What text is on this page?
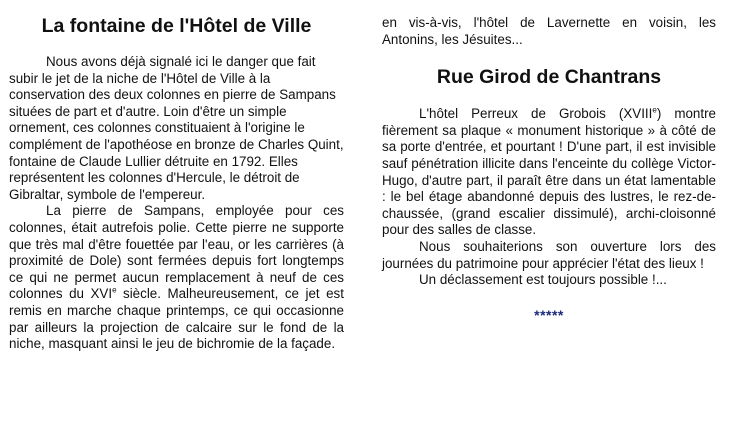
La fontaine de l'Hôtel de Ville

Nous avons déjà signalé ici le danger que fait subir le jet de la niche de l'Hôtel de Ville à la conservation des deux colonnes en pierre de Sampans situées de part et d'autre. Loin d'être un simple ornement, ces colonnes constituaient à l'origine le complément de l'apothéose en bronze de Charles Quint, fontaine de Claude Lullier détruite en 1792. Elles représentent les colonnes d'Hercule, le détroit de Gibraltar, symbole de l'empereur.

La pierre de Sampans, employée pour ces colonnes, était autrefois polie. Cette pierre ne supporte que très mal d'être fouettée par l'eau, or les carrières (à proximité de Dole) sont fermées depuis fort longtemps ce qui ne permet aucun remplacement à neuf de ces colonnes du XVIe siècle. Malheureusement, ce jet est remis en marche chaque printemps, ce qui occasionne par ailleurs la projection de calcaire sur le fond de la niche, masquant ainsi le jeu de bichromie de la façade.

en vis-à-vis, l'hôtel de Lavernette en voisin, les Antonins, les Jésuites...

Rue Girod de Chantrans

L'hôtel Perreux de Grobois (XVIIIe) montre fièrement sa plaque « monument historique » à côté de sa porte d'entrée, et pourtant ! D'une part, il est invisible sauf pénétration illicite dans l'enceinte du collège Victor-Hugo, d'autre part, il paraît être dans un état lamentable : le bel étage abandonné depuis des lustres, le rez-de-chaussée, (grand escalier dissimulé), archi-cloisonné pour des salles de classe.

Nous souhaiterions son ouverture lors des journées du patrimoine pour apprécier l'état des lieux !

Un déclassement est toujours possible !...

*****
